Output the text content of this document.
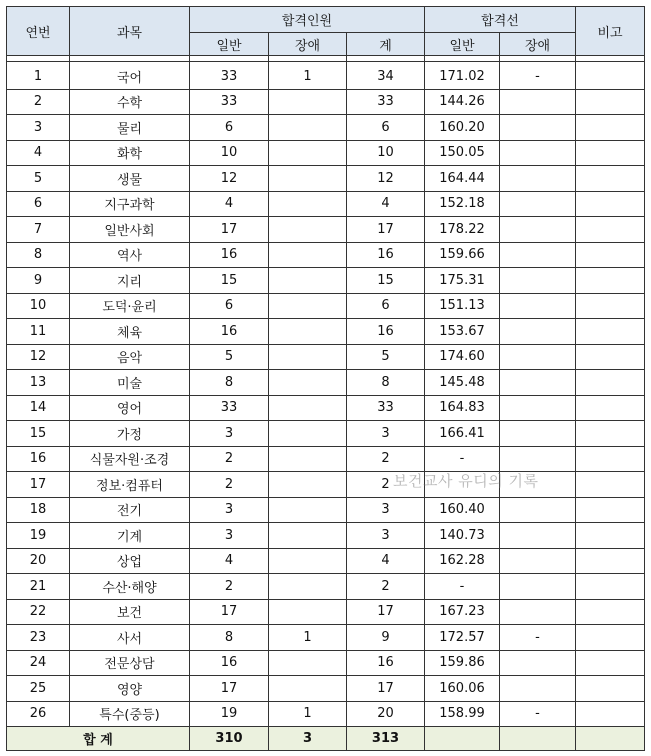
연번	과목	합격인원			합격선		비고
		일반	장애	계	일반	장애	

1	국어	33	1	34	171.02	-	
2	수학	33		33	144.26		
3	물리	6		6	160.20		
4	화학	10		10	150.05		
5	생물	12		12	164.44		
6	지구과학	4		4	152.18		
7	일반사회	17		17	178.22		
8	역사	16		16	159.66		
9	지리	15		15	175.31		
10	도덕·윤리	6		6	151.13		
11	체육	16		16	153.67		
12	음악	5		5	174.60		
13	미술	8		8	145.48		
14	영어	33		33	164.83		
15	가정	3		3	166.41		
16	식물자원·조경	2		2	-		
17	정보·컴퓨터	2		2			
18	전기	3		3	160.40		
19	기계	3		3	140.73		
20	상업	4		4	162.28		
21	수산·해양	2		2	-		
22	보건	17		17	167.23		
23	사서	8	1	9	172.57	-	
24	전문상담	16		16	159.86		
25	영양	17		17	160.06		
26	특수(중등)	19	1	20	158.99	-	
합 계		310	3	313			
보건교사 유디의 기록
